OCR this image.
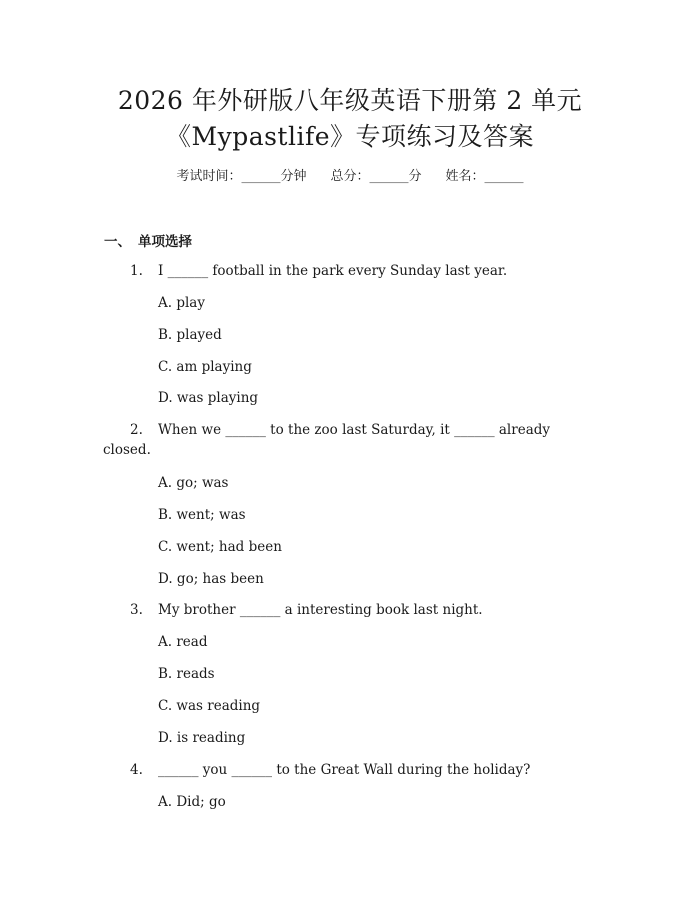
2026 年外研版八年级英语下册第 2 单元
《Mypastlife》专项练习及答案
考试时间：______分钟 总分：______分 姓名：______
一、 单项选择
1. I ______ football in the park every Sunday last year.
A. play
B. played
C. am playing
D. was playing
2. When we ______ to the zoo last Saturday, it ______ already closed.
A. go; was
B. went; was
C. went; had been
D. go; has been
3. My brother ______ a interesting book last night.
A. read
B. reads
C. was reading
D. is reading
4. ______ you ______ to the Great Wall during the holiday?
A. Did; go
